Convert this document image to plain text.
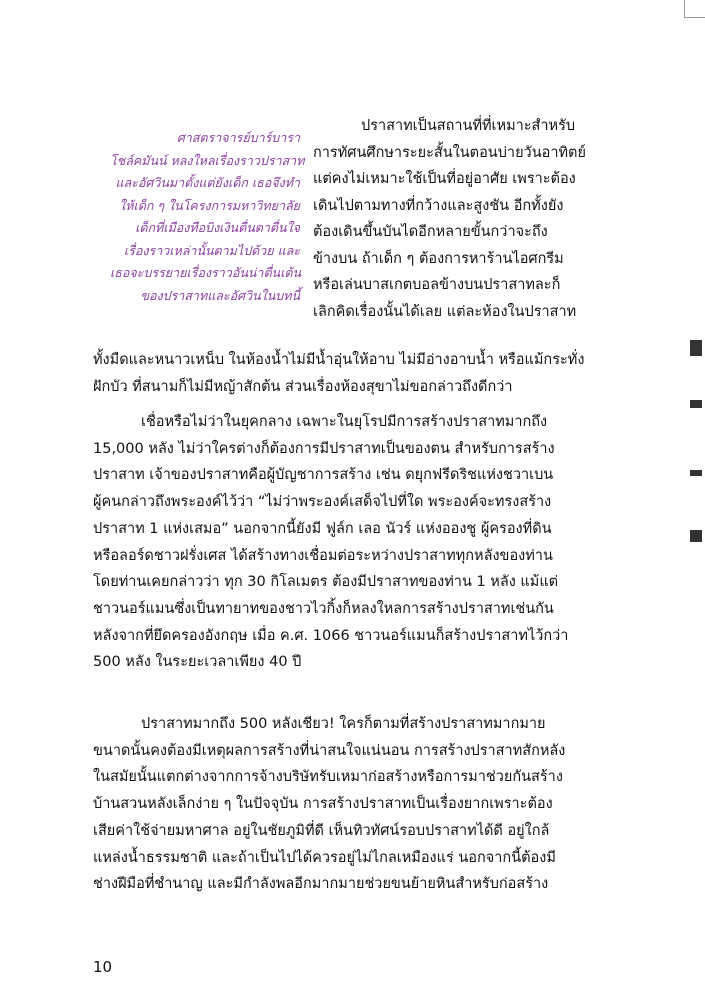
ศาสตราจารย์บาร์บารา
โชล์คมันน์ หลงใหลเรื่องราวปราสาท
และอัศวินมาตั้งแต่ยังเด็ก เธอจึงทำ
ให้เด็ก ๆ ในโครงการมหาวิทยาลัย
เด็กที่เมืองทือบิงเงินตื่นตาตื่นใจ
เรื่องราวเหล่านั้นตามไปด้วย และ
เธอจะบรรยายเรื่องราวอันน่าตื่นเต้น
ของปราสาทและอัศวินในบทนี้
ปราสาทเป็นสถานที่ที่เหมาะสำหรับ
การทัศนศึกษาระยะสั้นในตอนบ่ายวันอาทิตย์
แต่คงไม่เหมาะใช้เป็นที่อยู่อาศัย เพราะต้อง
เดินไปตามทางที่กว้างและสูงชัน อีกทั้งยัง
ต้องเดินขึ้นบันไดอีกหลายขั้นกว่าจะถึง
ข้างบน ถ้าเด็ก ๆ ต้องการหาร้านไอศกรีม
หรือเล่นบาสเกตบอลข้างบนปราสาทละก็
เลิกคิดเรื่องนั้นได้เลย แต่ละห้องในปราสาท
ทั้งมืดและหนาวเหน็บ ในห้องน้ำไม่มีน้ำอุ่นให้อาบ ไม่มีอ่างอาบน้ำ หรือแม้กระทั่ง
ฝักบัว ที่สนามก็ไม่มีหญ้าสักต้น ส่วนเรื่องห้องสุขาไม่ขอกล่าวถึงดีกว่า
เชื่อหรือไม่ว่าในยุคกลาง เฉพาะในยุโรปมีการสร้างปราสาทมากถึง
15,000 หลัง ไม่ว่าใครต่างก็ต้องการมีปราสาทเป็นของตน สำหรับการสร้าง
ปราสาท เจ้าของปราสาทคือผู้บัญชาการสร้าง เช่น ดยุกฟรีดริชแห่งชวาเบน
ผู้คนกล่าวถึงพระองค์ไว้ว่า “ไม่ว่าพระองค์เสด็จไปที่ใด พระองค์จะทรงสร้าง
ปราสาท 1 แห่งเสมอ” นอกจากนี้ยังมี ฟูล์ก เลอ นัวร์ แห่งอองชู ผู้ครองที่ดิน
หรือลอร์ดชาวฝรั่งเศส ได้สร้างทางเชื่อมต่อระหว่างปราสาททุกหลังของท่าน
โดยท่านเคยกล่าวว่า ทุก 30 กิโลเมตร ต้องมีปราสาทของท่าน 1 หลัง แม้แต่
ชาวนอร์แมนซึ่งเป็นทายาทของชาวไวกิ้งก็หลงใหลการสร้างปราสาทเช่นกัน
หลังจากที่ยึดครองอังกฤษ เมื่อ ค.ศ. 1066 ชาวนอร์แมนก็สร้างปราสาทไว้กว่า
500 หลัง ในระยะเวลาเพียง 40 ปี
ปราสาทมากถึง 500 หลังเชียว! ใครก็ตามที่สร้างปราสาทมากมาย
ขนาดนั้นคงต้องมีเหตุผลการสร้างที่น่าสนใจแน่นอน การสร้างปราสาทสักหลัง
ในสมัยนั้นแตกต่างจากการจ้างบริษัทรับเหมาก่อสร้างหรือการมาช่วยกันสร้าง
บ้านสวนหลังเล็กง่าย ๆ ในปัจจุบัน การสร้างปราสาทเป็นเรื่องยากเพราะต้อง
เสียค่าใช้จ่ายมหาศาล อยู่ในชัยภูมิที่ดี เห็นทิวทัศน์รอบปราสาทได้ดี อยู่ใกล้
แหล่งน้ำธรรมชาติ และถ้าเป็นไปได้ควรอยู่ไม่ไกลเหมืองแร่ นอกจากนี้ต้องมี
ช่างฝีมือที่ชำนาญ และมีกำลังพลอีกมากมายช่วยขนย้ายหินสำหรับก่อสร้าง
10
